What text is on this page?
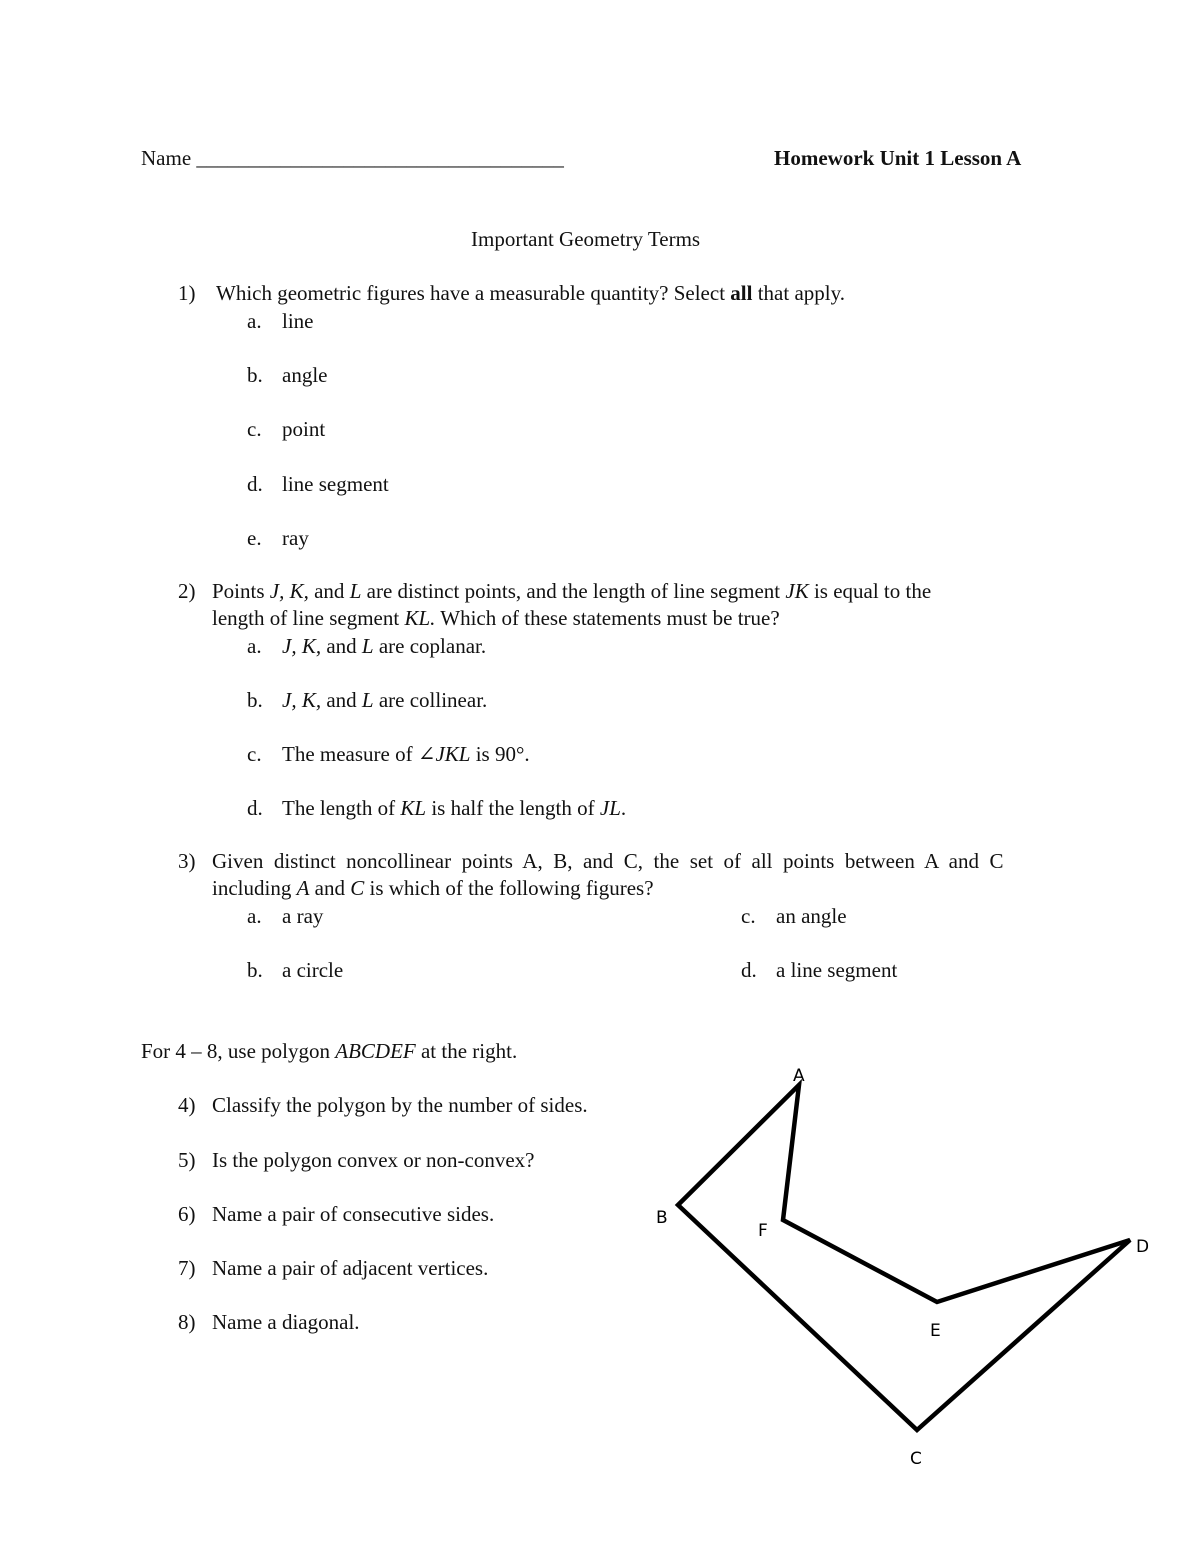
Name ___________________________________	Homework Unit 1 Lesson A
Important Geometry Terms
1) Which geometric figures have a measurable quantity? Select all that apply.
a. line
b. angle
c. point
d. line segment
e. ray
2) Points J, K, and L are distinct points, and the length of line segment JK is equal to the
length of line segment KL. Which of these statements must be true?
a. J, K, and L are coplanar.
b. J, K, and L are collinear.
c. The measure of ∠JKL is 90°.
d. The length of KL is half the length of JL.
3) Given  distinct  noncollinear  points  A,  B,  and  C,  the  set  of  all  points  between  A  and  C
including A and C is which of the following figures?
a. a ray
b. a circle
c. an angle
d. a line segment
For 4 – 8, use polygon ABCDEF at the right.
4) Classify the polygon by the number of sides.
5) Is the polygon convex or non-convex?
6) Name a pair of consecutive sides.
7) Name a pair of adjacent vertices.
8) Name a diagonal.
A
B
C
D
E
F
